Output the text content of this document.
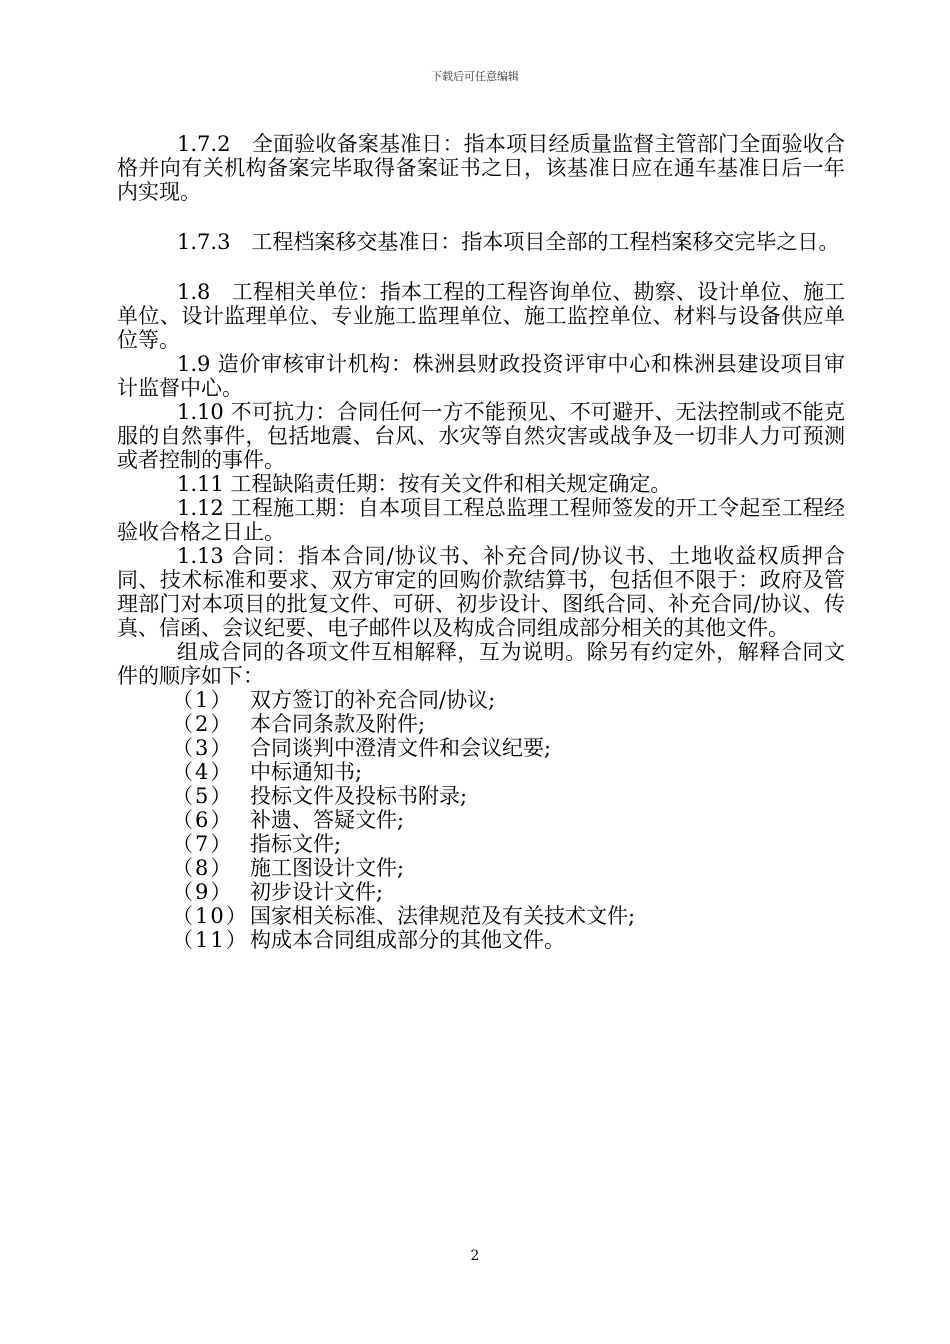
下载后可任意编辑

1.7.2　全面验收备案基准日：指本项目经质量监督主管部门全面验收合格并向有关机构备案完毕取得备案证书之日，该基准日应在通车基准日后一年内实现。

1.7.3　工程档案移交基准日：指本项目全部的工程档案移交完毕之日。

1.8　工程相关单位：指本工程的工程咨询单位、勘察、设计单位、施工单位、设计监理单位、专业施工监理单位、施工监控单位、材料与设备供应单位等。

1.9 造价审核审计机构：株洲县财政投资评审中心和株洲县建设项目审计监督中心。

1.10 不可抗力：合同任何一方不能预见、不可避开、无法控制或不能克服的自然事件，包括地震、台风、水灾等自然灾害或战争及一切非人力可预测或者控制的事件。

1.11 工程缺陷责任期：按有关文件和相关规定确定。

1.12 工程施工期：自本项目工程总监理工程师签发的开工令起至工程经验收合格之日止。

1.13 合同：指本合同/协议书、补充合同/协议书、土地收益权质押合同、技术标准和要求、双方审定的回购价款结算书，包括但不限于：政府及管理部门对本项目的批复文件、可研、初步设计、图纸合同、补充合同/协议、传真、信函、会议纪要、电子邮件以及构成合同组成部分相关的其他文件。

组成合同的各项文件互相解释，互为说明。除另有约定外，解释合同文件的顺序如下：

（1） 双方签订的补充合同/协议;
（2） 本合同条款及附件;
（3） 合同谈判中澄清文件和会议纪要;
（4） 中标通知书;
（5） 投标文件及投标书附录;
（6） 补遗、答疑文件;
（7） 指标文件;
（8） 施工图设计文件;
（9） 初步设计文件;
（10） 国家相关标准、法律规范及有关技术文件;
（11） 构成本合同组成部分的其他文件。
2
